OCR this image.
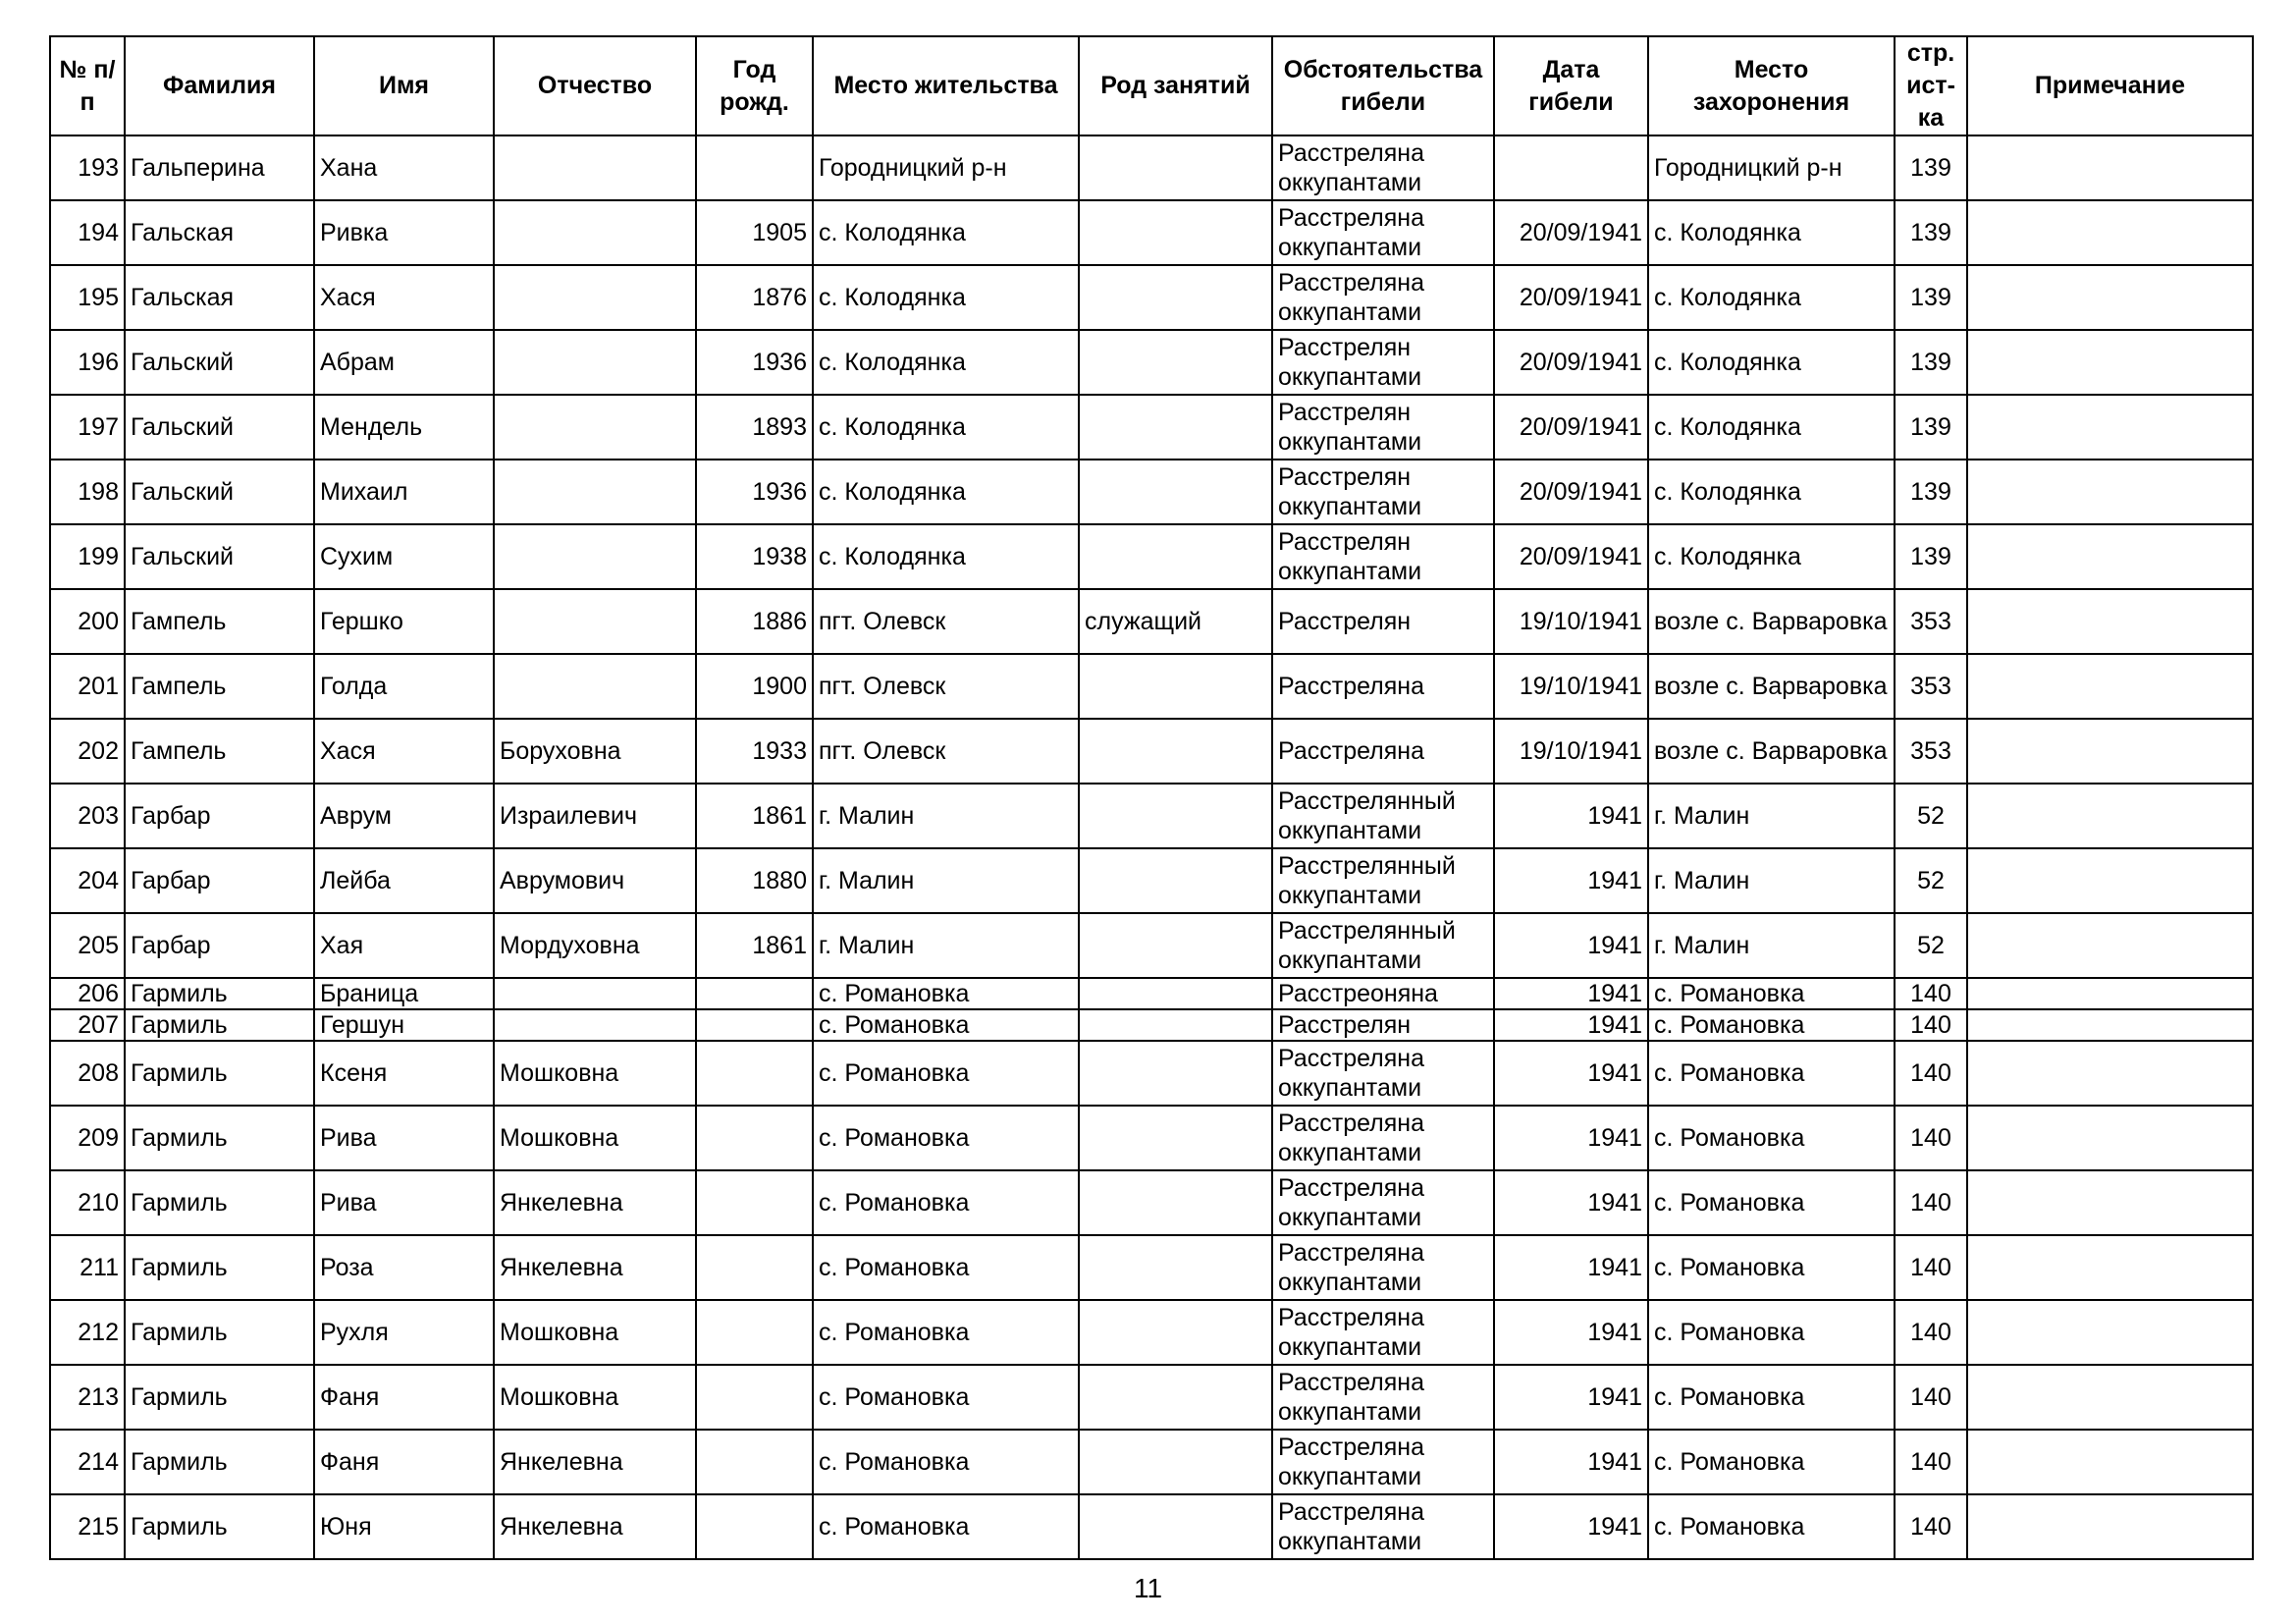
№ п/п	Фамилия	Имя	Отчество	Год рожд.	Место жительства	Род занятий	Обстоятельства гибели	Дата гибели	Место захоронения	стр. ист-ка	Примечание
193	Гальперина	Хана			Городницкий р-н		Расстреляна оккупантами		Городницкий р-н	139	
194	Гальская	Ривка		1905	с. Колодянка		Расстреляна оккупантами	20/09/1941	с. Колодянка	139	
195	Гальская	Хася		1876	с. Колодянка		Расстреляна оккупантами	20/09/1941	с. Колодянка	139	
196	Гальский	Абрам		1936	с. Колодянка		Расстрелян оккупантами	20/09/1941	с. Колодянка	139	
197	Гальский	Мендель		1893	с. Колодянка		Расстрелян оккупантами	20/09/1941	с. Колодянка	139	
198	Гальский	Михаил		1936	с. Колодянка		Расстрелян оккупантами	20/09/1941	с. Колодянка	139	
199	Гальский	Сухим		1938	с. Колодянка		Расстрелян оккупантами	20/09/1941	с. Колодянка	139	
200	Гампель	Гершко		1886	пгт. Олевск	служащий	Расстрелян	19/10/1941	возле с. Варваровка	353	
201	Гампель	Голда		1900	пгт. Олевск		Расстреляна	19/10/1941	возле с. Варваровка	353	
202	Гампель	Хася	Боруховна	1933	пгт. Олевск		Расстреляна	19/10/1941	возле с. Варваровка	353	
203	Гарбар	Аврум	Израилевич	1861	г. Малин		Расстрелянный оккупантами	1941	г. Малин	52	
204	Гарбар	Лейба	Аврумович	1880	г. Малин		Расстрелянный оккупантами	1941	г. Малин	52	
205	Гарбар	Хая	Мордуховна	1861	г. Малин		Расстрелянный оккупантами	1941	г. Малин	52	
206	Гармиль	Браница			с. Романовка		Расстреоняна	1941	с. Романовка	140	
207	Гармиль	Гершун			с. Романовка		Расстрелян	1941	с. Романовка	140	
208	Гармиль	Ксеня	Мошковна		с. Романовка		Расстреляна оккупантами	1941	с. Романовка	140	
209	Гармиль	Рива	Мошковна		с. Романовка		Расстреляна оккупантами	1941	с. Романовка	140	
210	Гармиль	Рива	Янкелевна		с. Романовка		Расстреляна оккупантами	1941	с. Романовка	140	
211	Гармиль	Роза	Янкелевна		с. Романовка		Расстреляна оккупантами	1941	с. Романовка	140	
212	Гармиль	Рухля	Мошковна		с. Романовка		Расстреляна оккупантами	1941	с. Романовка	140	
213	Гармиль	Фаня	Мошковна		с. Романовка		Расстреляна оккупантами	1941	с. Романовка	140	
214	Гармиль	Фаня	Янкелевна		с. Романовка		Расстреляна оккупантами	1941	с. Романовка	140	
215	Гармиль	Юня	Янкелевна		с. Романовка		Расстреляна оккупантами	1941	с. Романовка	140	
11
